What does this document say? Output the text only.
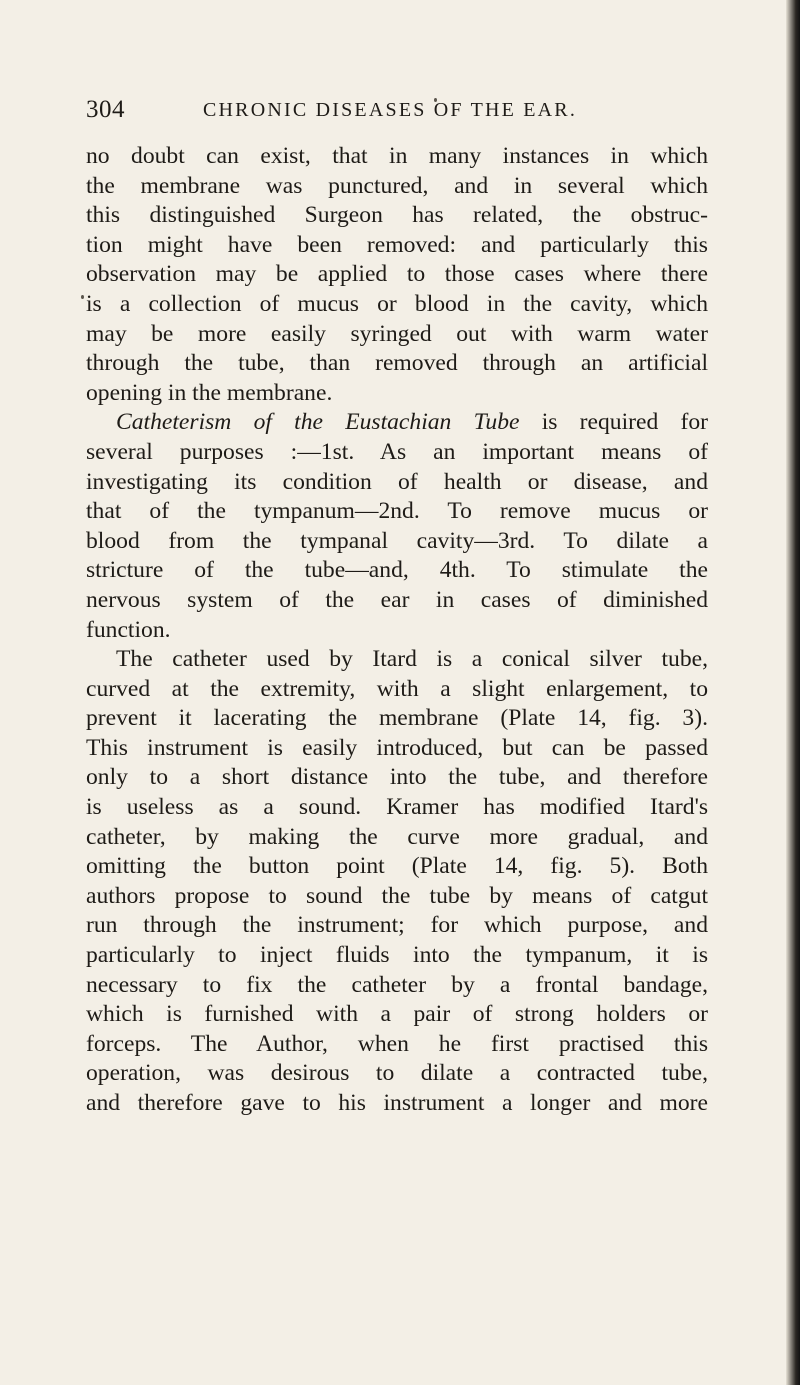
304	CHRONIC DISEASES OF THE EAR.
no doubt can exist, that in many instances in which
the membrane was punctured, and in several which
this distinguished Surgeon has related, the obstruc-
tion might have been removed: and particularly this
observation may be applied to those cases where there
is a collection of mucus or blood in the cavity, which
may be more easily syringed out with warm water
through the tube, than removed through an artificial
opening in the membrane.
Catheterism of the Eustachian Tube is required for
several purposes :—1st. As an important means of
investigating its condition of health or disease, and
that of the tympanum—2nd. To remove mucus or
blood from the tympanal cavity—3rd. To dilate a
stricture of the tube—and, 4th. To stimulate the
nervous system of the ear in cases of diminished
function.
The catheter used by Itard is a conical silver tube,
curved at the extremity, with a slight enlargement, to
prevent it lacerating the membrane (Plate 14, fig. 3).
This instrument is easily introduced, but can be passed
only to a short distance into the tube, and therefore
is useless as a sound. Kramer has modified Itard's
catheter, by making the curve more gradual, and
omitting the button point (Plate 14, fig. 5). Both
authors propose to sound the tube by means of catgut
run through the instrument; for which purpose, and
particularly to inject fluids into the tympanum, it is
necessary to fix the catheter by a frontal bandage,
which is furnished with a pair of strong holders or
forceps. The Author, when he first practised this
operation, was desirous to dilate a contracted tube,
and therefore gave to his instrument a longer and more
